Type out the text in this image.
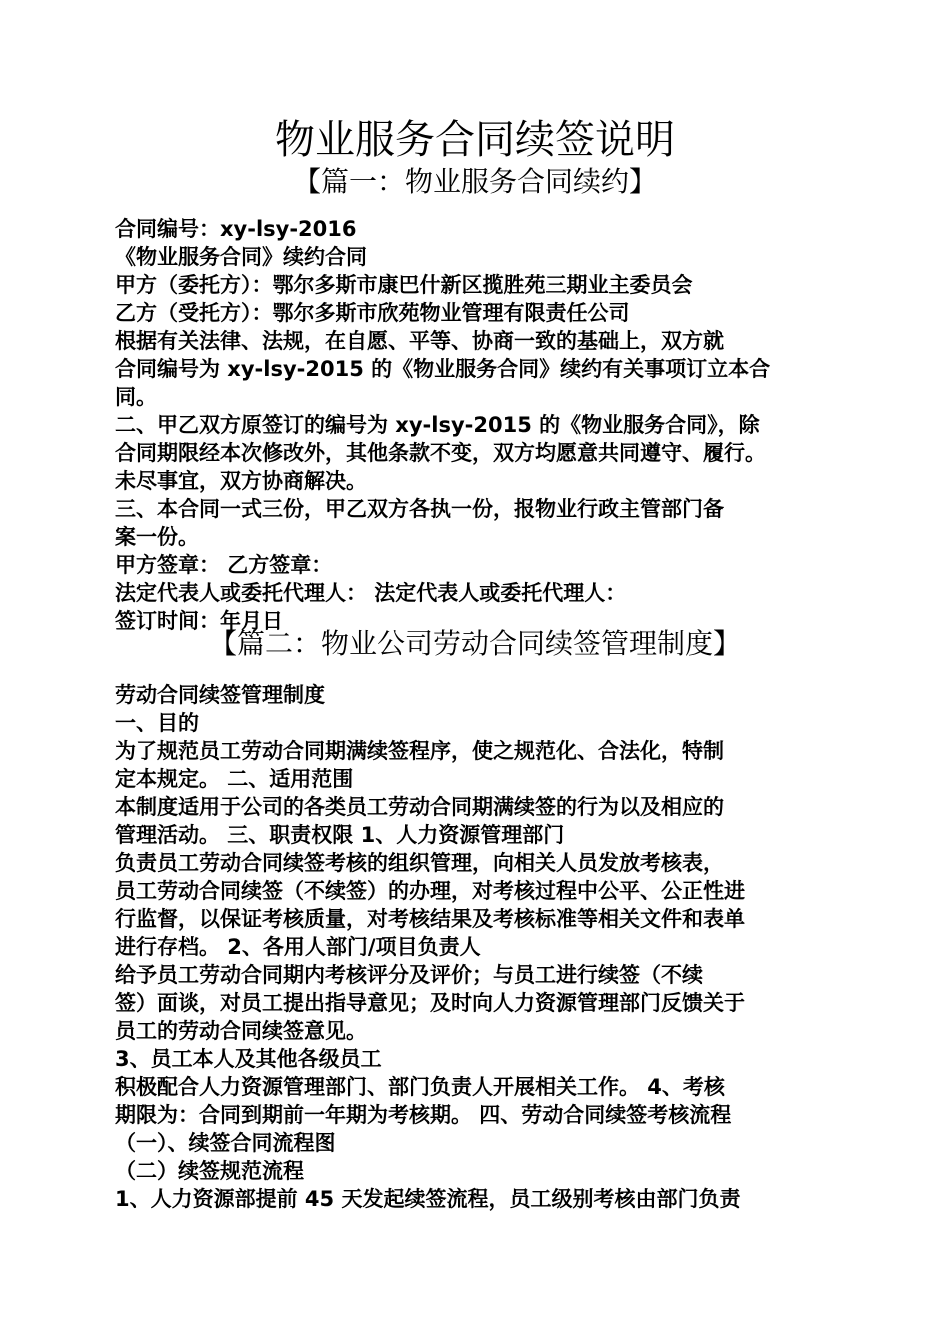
物业服务合同续签说明
【篇一：物业服务合同续约】
合同编号：xy-lsy-2016
《物业服务合同》续约合同
甲方（委托方）：鄂尔多斯市康巴什新区揽胜苑三期业主委员会
乙方（受托方）：鄂尔多斯市欣苑物业管理有限责任公司
根据有关法律、法规，在自愿、平等、协商一致的基础上，双方就
合同编号为 xy-lsy-2015 的《物业服务合同》续约有关事项订立本合
同。
二、甲乙双方原签订的编号为 xy-lsy-2015 的《物业服务合同》，除
合同期限经本次修改外，其他条款不变，双方均愿意共同遵守、履行。
未尽事宜，双方协商解决。
三、本合同一式三份，甲乙双方各执一份，报物业行政主管部门备
案一份。
甲方签章： 乙方签章：
法定代表人或委托代理人： 法定代表人或委托代理人：
签订时间：年月日
【篇二：物业公司劳动合同续签管理制度】
劳动合同续签管理制度
一、目的
为了规范员工劳动合同期满续签程序，使之规范化、合法化，特制
定本规定。 二、适用范围
本制度适用于公司的各类员工劳动合同期满续签的行为以及相应的
管理活动。 三、职责权限 1、人力资源管理部门
负责员工劳动合同续签考核的组织管理，向相关人员发放考核表，
员工劳动合同续签（不续签）的办理，对考核过程中公平、公正性进
行监督，以保证考核质量，对考核结果及考核标准等相关文件和表单
进行存档。 2、各用人部门/项目负责人
给予员工劳动合同期内考核评分及评价；与员工进行续签（不续
签）面谈，对员工提出指导意见；及时向人力资源管理部门反馈关于
员工的劳动合同续签意见。
3、员工本人及其他各级员工
积极配合人力资源管理部门、部门负责人开展相关工作。 4、考核
期限为：合同到期前一年期为考核期。 四、劳动合同续签考核流程
（一）、续签合同流程图
（二）续签规范流程
1、人力资源部提前 45 天发起续签流程，员工级别考核由部门负责
